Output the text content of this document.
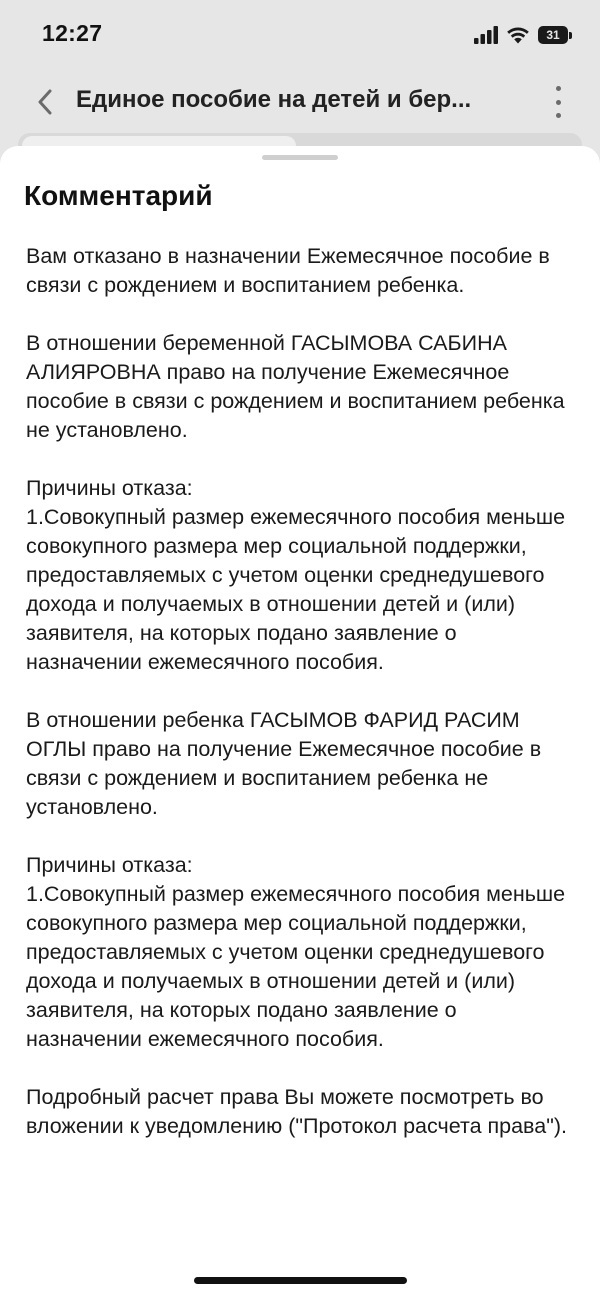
12:27	31
Единое пособие на детей и бер...
Комментарий

Вам отказано в назначении Ежемесячное пособие в связи с рождением и воспитанием ребенка.

В отношении беременной ГАСЫМОВА САБИНА АЛИЯРОВНА право на получение Ежемесячное пособие в связи с рождением и воспитанием ребенка не установлено.

Причины отказа:
1.Совокупный размер ежемесячного пособия меньше совокупного размера мер социальной поддержки, предоставляемых с учетом оценки среднедушевого дохода и получаемых в отношении детей и (или) заявителя, на которых подано заявление о назначении ежемесячного пособия.

В отношении ребенка ГАСЫМОВ ФАРИД РАСИМ ОГЛЫ право на получение Ежемесячное пособие в связи с рождением и воспитанием ребенка не установлено.

Причины отказа:
1.Совокупный размер ежемесячного пособия меньше совокупного размера мер социальной поддержки, предоставляемых с учетом оценки среднедушевого дохода и получаемых в отношении детей и (или) заявителя, на которых подано заявление о назначении ежемесячного пособия.

Подробный расчет права Вы можете посмотреть во вложении к уведомлению ("Протокол расчета права").
